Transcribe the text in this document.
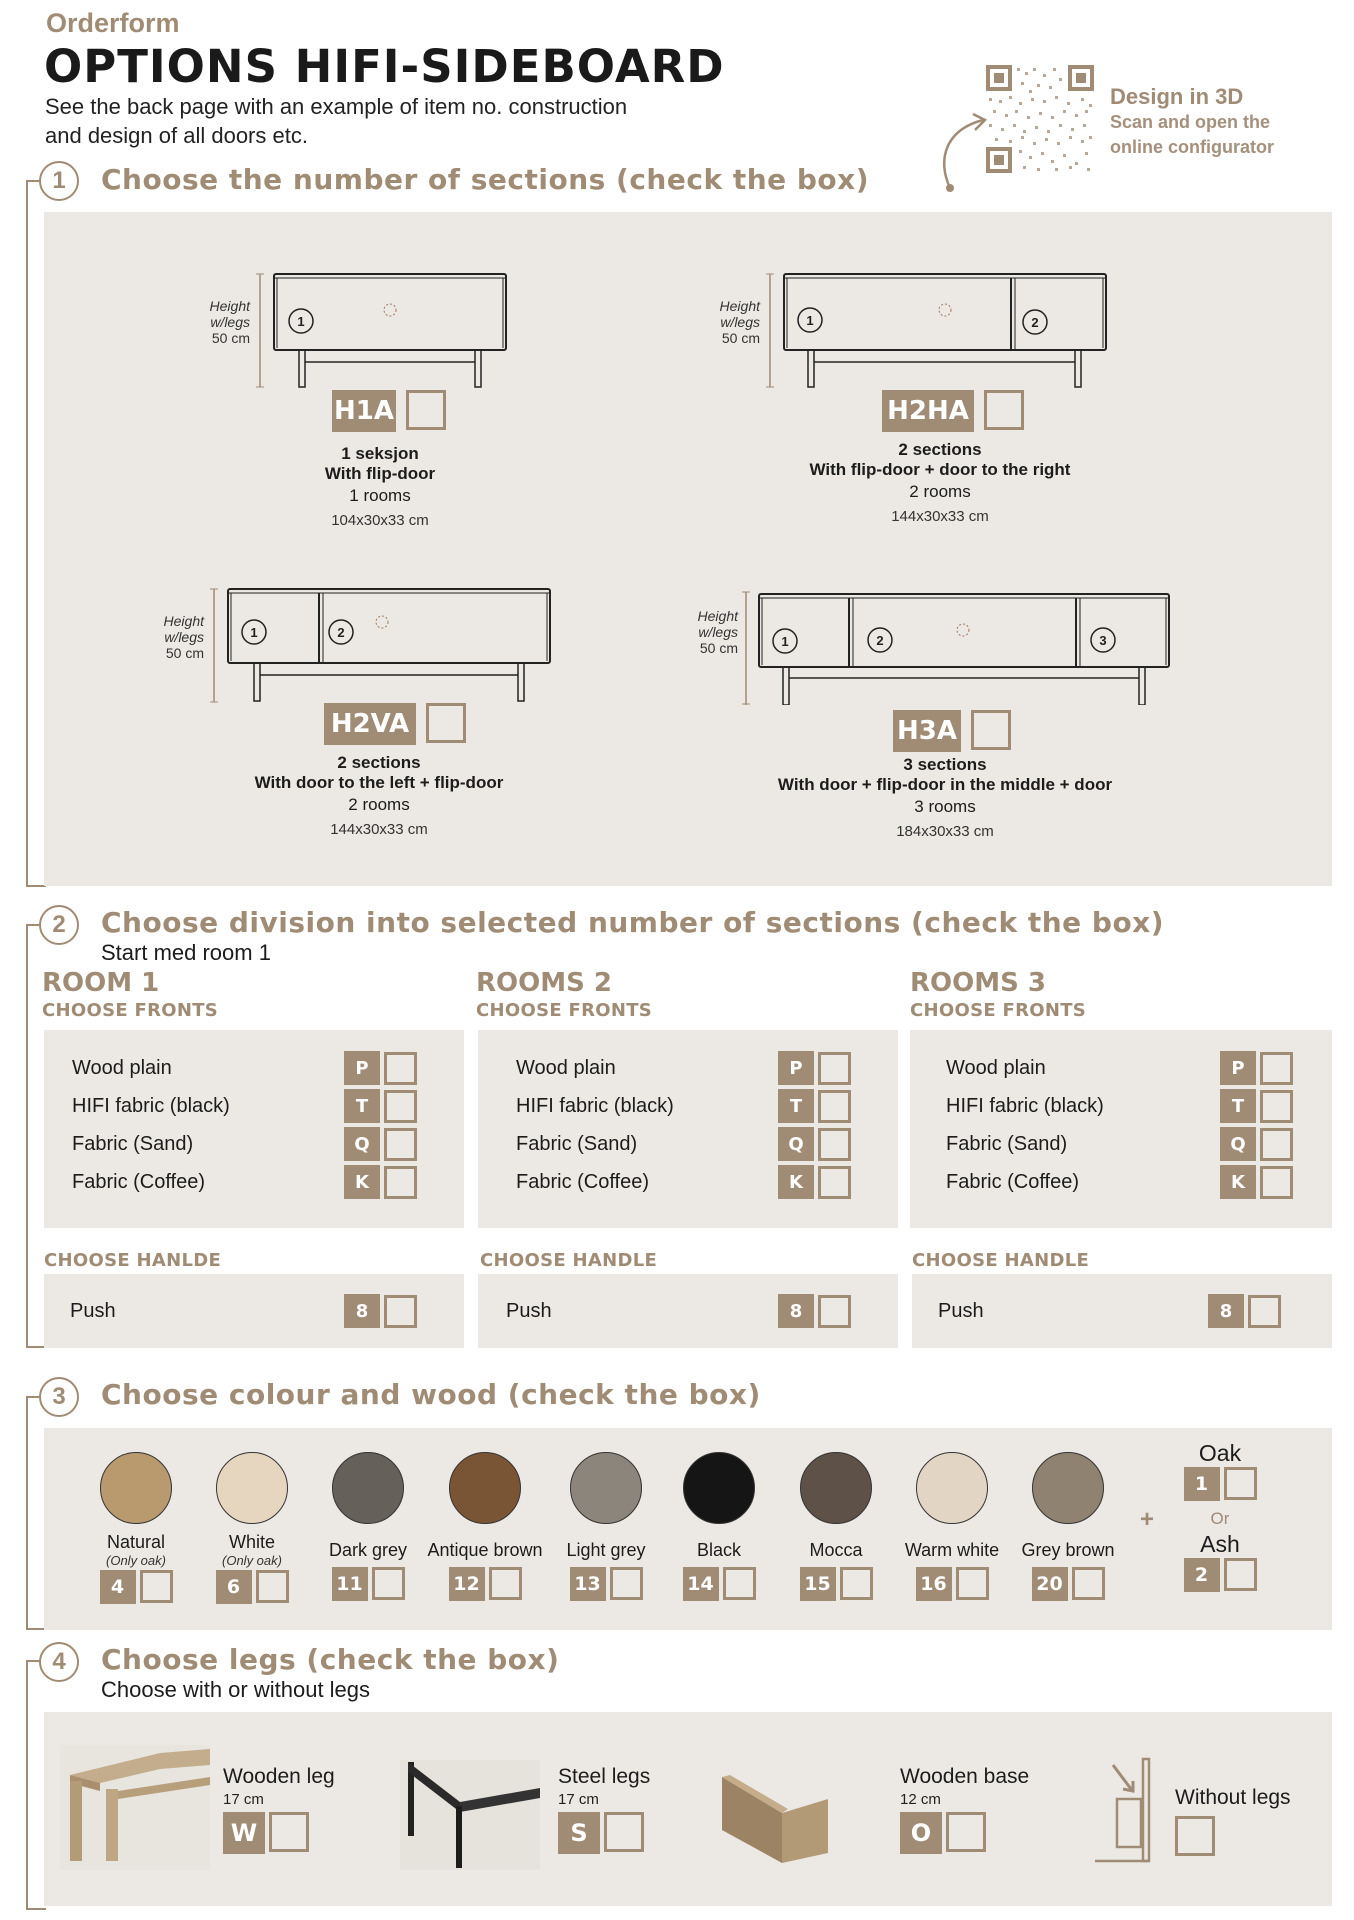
Orderform
OPTIONS HIFI-SIDEBOARD
See the back page with an example of item no. construction
and design of all doors etc.
Design in 3D
Scan and open the
online configurator
1	Choose the number of sections (check the box)
Height
w/legs
50 cm
1
H1A
1 seksjon
With flip-door
1 rooms
104x30x33 cm
Height
w/legs
50 cm
1	2
H2HA
2 sections
With flip-door + door to the right
2 rooms
144x30x33 cm
Height
w/legs
50 cm
1	2
H2VA
2 sections
With door to the left + flip-door
2 rooms
144x30x33 cm
Height
w/legs
50 cm	1	2	3
H3A
3 sections
With door + flip-door in the middle + door
3 rooms
184x30x33 cm
2	Choose division into selected number of sections (check the box)
Start med room 1
ROOM 1
CHOOSE FRONTS
Wood plain	P
HIFI fabric (black)	T
Fabric (Sand)	Q
Fabric (Coffee)	K
CHOOSE HANLDE
Push	8
ROOMS 2
CHOOSE FRONTS
Wood plain	P
HIFI fabric (black)	T
Fabric (Sand)	Q
Fabric (Coffee)	K
CHOOSE HANDLE
Push	8
ROOMS 3
CHOOSE FRONTS
Wood plain	P
HIFI fabric (black)	T
Fabric (Sand)	Q
Fabric (Coffee)	K
CHOOSE HANDLE
Push	8
3	Choose colour and wood (check the box)
Natural
(Only oak)
4
White
(Only oak)
6
Dark grey
11
Antique brown
12
Light grey
13
Black
14
Mocca
15
Warm white
16
Grey brown
20
+
Oak
1
Or
Ash
2
4	Choose legs (check the box)
Choose with or without legs
Wooden leg
17 cm
W
Steel legs
17 cm
S
Wooden base
12 cm
O
Without legs
